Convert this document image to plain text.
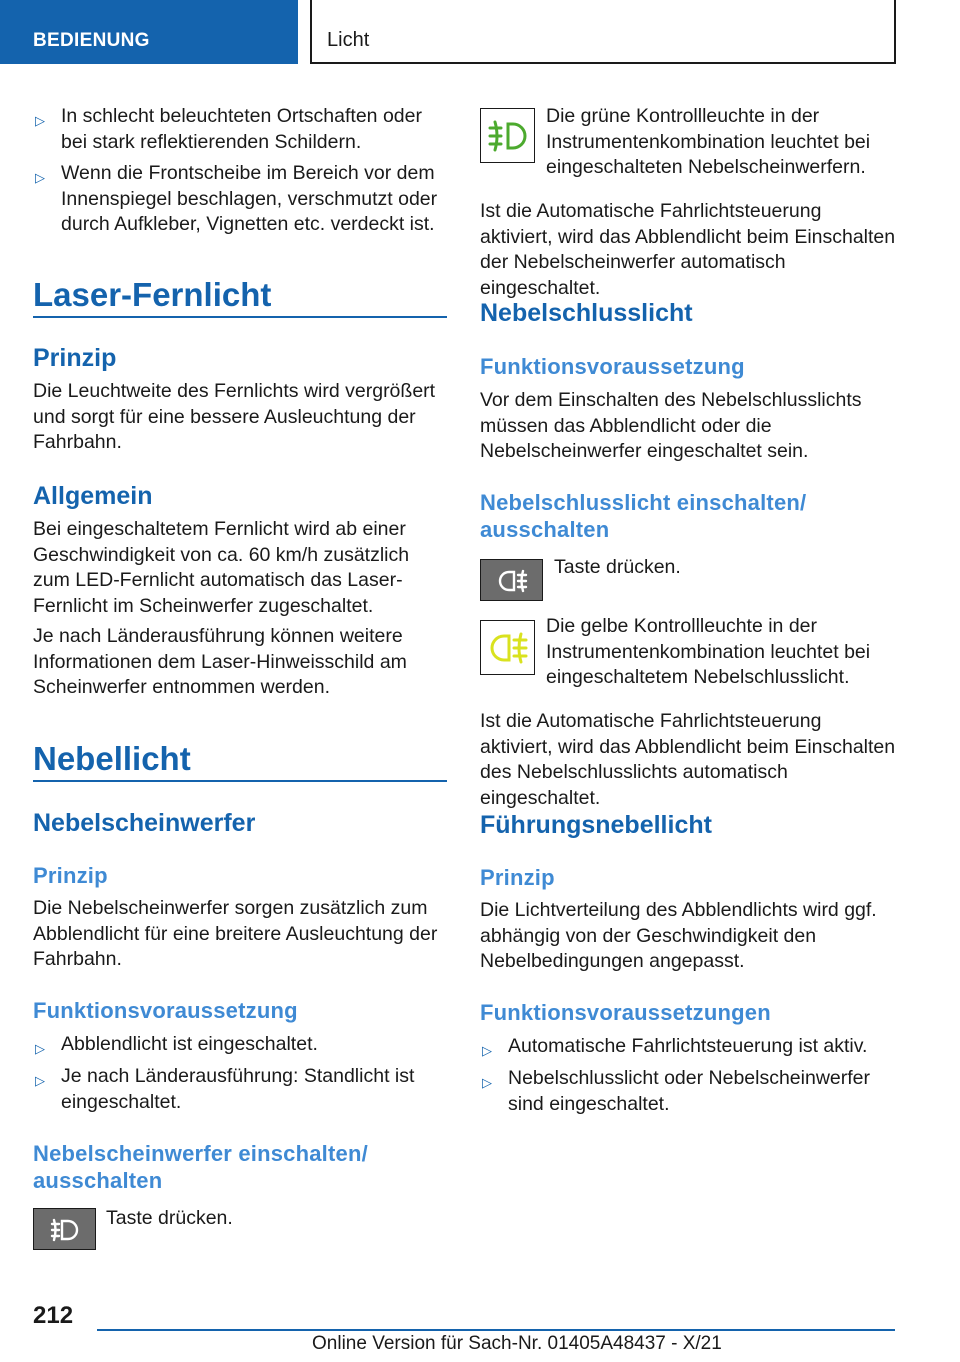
BEDIENUNG	Licht
▷ In schlecht beleuchteten Ortschaften oder bei stark reflektierenden Schildern.
▷ Wenn die Frontscheibe im Bereich vor dem Innenspiegel beschlagen, verschmutzt oder durch Aufkleber, Vignetten etc. verdeckt ist.
Laser-Fernlicht
Prinzip
Die Leuchtweite des Fernlichts wird vergrößert und sorgt für eine bessere Ausleuchtung der Fahrbahn.
Allgemein
Bei eingeschaltetem Fernlicht wird ab einer Geschwindigkeit von ca. 60 km/h zusätzlich zum LED-Fernlicht automatisch das Laser-Fernlicht im Scheinwerfer zugeschaltet.
Je nach Länderausführung können weitere Informationen dem Laser-Hinweisschild am Scheinwerfer entnommen werden.
Nebellicht
Nebelscheinwerfer
Prinzip
Die Nebelscheinwerfer sorgen zusätzlich zum Abblendlicht für eine breitere Ausleuchtung der Fahrbahn.
Funktionsvoraussetzung
▷ Abblendlicht ist eingeschaltet.
▷ Je nach Länderausführung: Standlicht ist eingeschaltet.
Nebelscheinwerfer einschalten/ ausschalten
Taste drücken.
Die grüne Kontrollleuchte in der Instrumentenkombination leuchtet bei eingeschalteten Nebelscheinwerfern.
Ist die Automatische Fahrlichtsteuerung aktiviert, wird das Abblendlicht beim Einschalten der Nebelscheinwerfer automatisch eingeschaltet.
Nebelschlusslicht
Funktionsvoraussetzung
Vor dem Einschalten des Nebelschlusslichts müssen das Abblendlicht oder die Nebelscheinwerfer eingeschaltet sein.
Nebelschlusslicht einschalten/ ausschalten
Taste drücken.
Die gelbe Kontrollleuchte in der Instrumentenkombination leuchtet bei eingeschaltetem Nebelschlusslicht.
Ist die Automatische Fahrlichtsteuerung aktiviert, wird das Abblendlicht beim Einschalten des Nebelschlusslichts automatisch eingeschaltet.
Führungsnebellicht
Prinzip
Die Lichtverteilung des Abblendlichts wird ggf. abhängig von der Geschwindigkeit den Nebelbedingungen angepasst.
Funktionsvoraussetzungen
▷ Automatische Fahrlichtsteuerung ist aktiv.
▷ Nebelschlusslicht oder Nebelscheinwerfer sind eingeschaltet.
212
Online Version für Sach-Nr. 01405A48437 - X/21
